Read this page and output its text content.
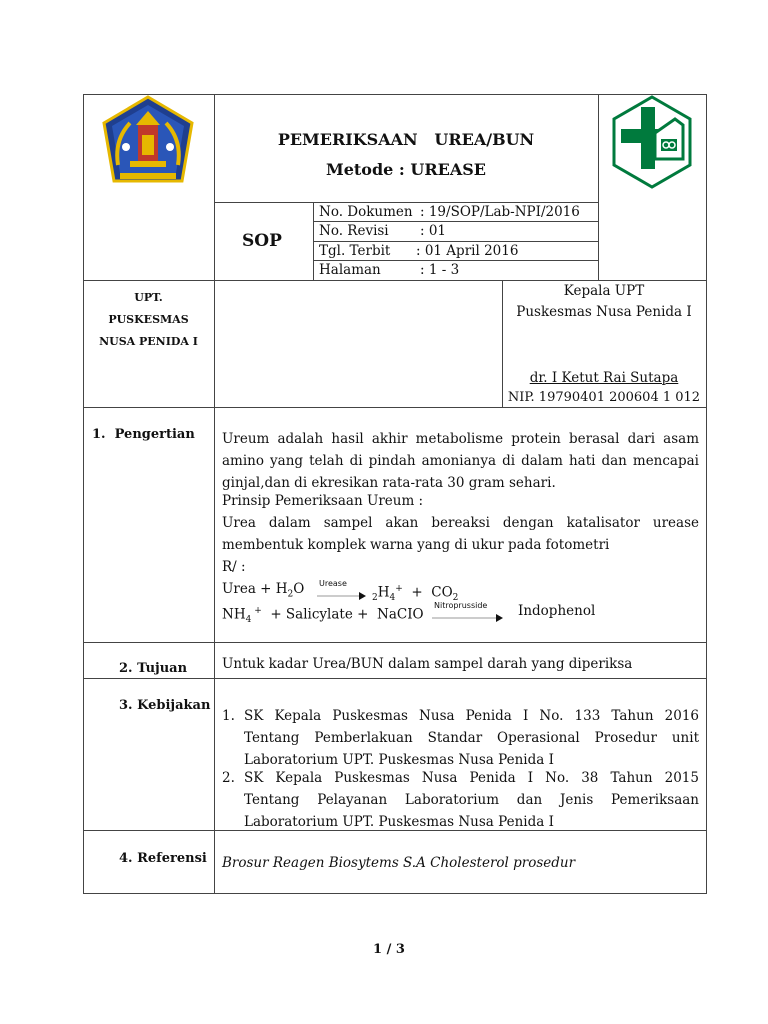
PEMERIKSAAN   UREA/BUN
Metode : UREASE
SOP
No. Dokumen : 19/SOP/Lab-NPI/2016
No. Revisi : 01
Tgl. Terbit : 01 April 2016
Halaman	: 1 - 3
UPT.
PUSKESMAS
NUSA PENIDA I
Kepala UPT
Puskesmas Nusa Penida I
dr. I Ketut Rai Sutapa
NIP. 19790401 200604 1 012
1.  Pengertian Ureum adalah hasil akhir metabolisme protein berasal dari asam
amino yang telah di pindah amonianya di dalam hati dan mencapai
ginjal,dan di ekresikan rata-rata 30 gram sehari.
Prinsip Pemeriksaan Ureum :
Urea dalam sampel akan bereaksi dengan katalisator urease
membentuk komplek warna yang di ukur pada fotometri
R/ :
Urea + $H_2O$ Urease
$_2H_4^+ + CO_2$
$NH_4$ +  + Salicylate +  NaCIO
Nitroprusside Indophenol
2. Tujuan	Untuk kadar Urea/BUN dalam sampel darah yang diperiksa
3. Kebijakan
1. SK Kepala Puskesmas Nusa Penida I No. 133 Tahun 2016
Tentang Pemberlakuan Standar Operasional Prosedur unit
Laboratorium UPT. Puskesmas Nusa Penida I
2. SK Kepala Puskesmas Nusa Penida I No. 38 Tahun 2015
Tentang Pelayanan Laboratorium dan Jenis Pemeriksaan
Laboratorium UPT. Puskesmas Nusa Penida I
4. Referensi Brosur Reagen Biosytems S.A Cholesterol prosedur
1 / 3
